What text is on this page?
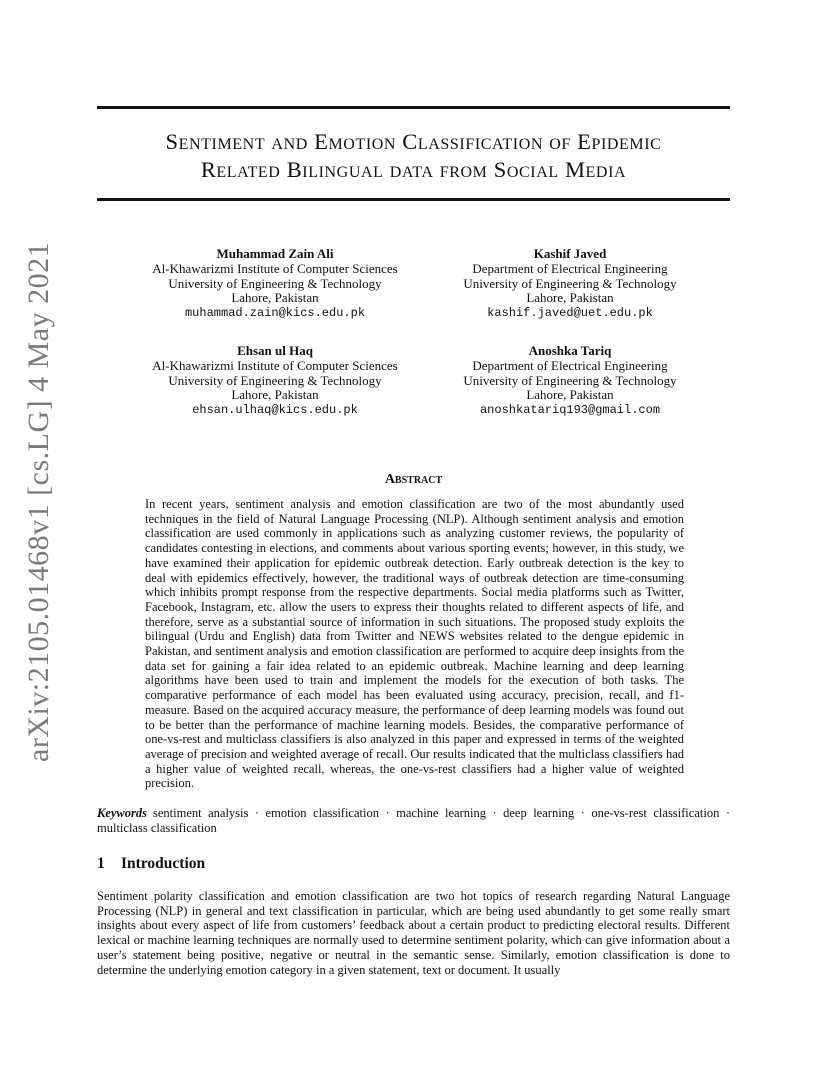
arXiv:2105.01468v1 [cs.LG] 4 May 2021
Sentiment and Emotion Classification of Epidemic
Related Bilingual data from Social Media
Muhammad Zain Ali
Al-Khawarizmi Institute of Computer Sciences
University of Engineering & Technology
Lahore, Pakistan
muhammad.zain@kics.edu.pk
Kashif Javed
Department of Electrical Engineering
University of Engineering & Technology
Lahore, Pakistan
kashif.javed@uet.edu.pk
Ehsan ul Haq
Al-Khawarizmi Institute of Computer Sciences
University of Engineering & Technology
Lahore, Pakistan
ehsan.ulhaq@kics.edu.pk
Anoshka Tariq
Department of Electrical Engineering
University of Engineering & Technology
Lahore, Pakistan
anoshkatariq193@gmail.com
Abstract

In recent years, sentiment analysis and emotion classification are two of the most abundantly used techniques in the field of Natural Language Processing (NLP). Although sentiment analysis and emotion classification are used commonly in applications such as analyzing customer reviews, the popularity of candidates contesting in elections, and comments about various sporting events; however, in this study, we have examined their application for epidemic outbreak detection. Early outbreak detection is the key to deal with epidemics effectively, however, the traditional ways of outbreak detection are time-consuming which inhibits prompt response from the respective departments. Social media platforms such as Twitter, Facebook, Instagram, etc. allow the users to express their thoughts related to different aspects of life, and therefore, serve as a substantial source of information in such situations. The proposed study exploits the bilingual (Urdu and English) data from Twitter and NEWS websites related to the dengue epidemic in Pakistan, and sentiment analysis and emotion classification are performed to acquire deep insights from the data set for gaining a fair idea related to an epidemic outbreak. Machine learning and deep learning algorithms have been used to train and implement the models for the execution of both tasks. The comparative performance of each model has been evaluated using accuracy, precision, recall, and f1-measure. Based on the acquired accuracy measure, the performance of deep learning models was found out to be better than the performance of machine learning models. Besides, the comparative performance of one-vs-rest and multiclass classifiers is also analyzed in this paper and expressed in terms of the weighted average of precision and weighted average of recall. Our results indicated that the multiclass classifiers had a higher value of weighted recall, whereas, the one-vs-rest classifiers had a higher value of weighted precision.

Keywords sentiment analysis · emotion classification · machine learning · deep learning · one-vs-rest classification · multiclass classification

1 Introduction

Sentiment polarity classification and emotion classification are two hot topics of research regarding Natural Language Processing (NLP) in general and text classification in particular, which are being used abundantly to get some really smart insights about every aspect of life from customers’ feedback about a certain product to predicting electoral results. Different lexical or machine learning techniques are normally used to determine sentiment polarity, which can give information about a user’s statement being positive, negative or neutral in the semantic sense. Similarly, emotion classification is done to determine the underlying emotion category in a given statement, text or document. It usually
